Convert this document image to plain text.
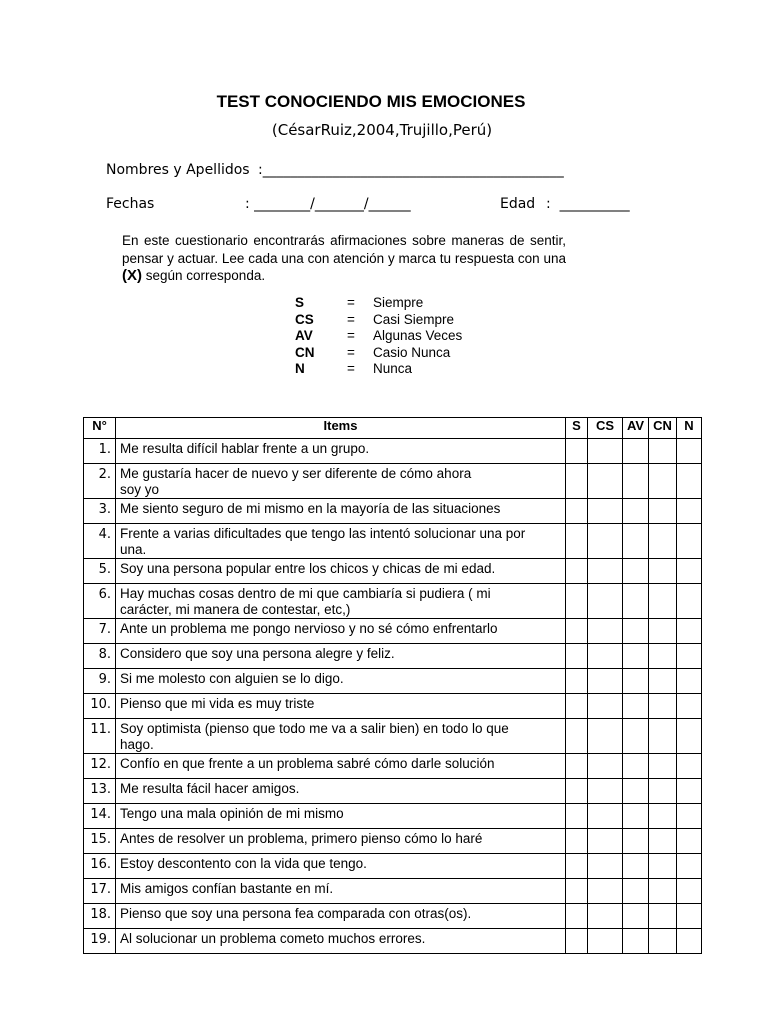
TEST CONOCIENDO MIS EMOCIONES
(CésarRuiz,2004,Trujillo,Perú)
Nombres y Apellidos :___________________________________________
Fechas	: ________/_______/______	Edad :  __________
En este cuestionario encontrarás afirmaciones sobre maneras de sentir, pensar y actuar. Lee cada una con atención y marca tu respuesta con una (X) según corresponda.
S	=	Siempre
CS	=	Casi Siempre
AV	=	Algunas Veces
CN	=	Casio Nunca
N	=	Nunca
N°	Items	S	CS	AV	CN	N
1.	Me resulta difícil hablar frente a un grupo.					
2.	Me gustaría hacer de nuevo y ser diferente de cómo ahora
soy yo					
3.	Me siento seguro de mi mismo en la mayoría de las situaciones					
4.	Frente a varias dificultades que tengo las intentó solucionar una por
una.					
5.	Soy una persona popular entre los chicos y chicas de mi edad.					
6.	Hay muchas cosas dentro de mi que cambiaría si pudiera ( mi
carácter, mi manera de contestar, etc,)					
7.	Ante un problema me pongo nervioso y no sé cómo enfrentarlo					
8.	Considero que soy una persona alegre y feliz.					
9.	Si me molesto con alguien se lo digo.					
10.	Pienso que mi vida es muy triste					
11.	Soy optimista (pienso que todo me va a salir bien) en todo lo que
hago.					
12.	Confío en que frente a un problema sabré cómo darle solución					
13.	Me resulta fácil hacer amigos.					
14.	Tengo una mala opinión de mi mismo					
15.	Antes de resolver un problema, primero pienso cómo lo haré					
16.	Estoy descontento con la vida que tengo.					
17.	Mis amigos confían bastante en mí.					
18.	Pienso que soy una persona fea comparada con otras(os).					
19.	Al solucionar un problema cometo muchos errores.					
